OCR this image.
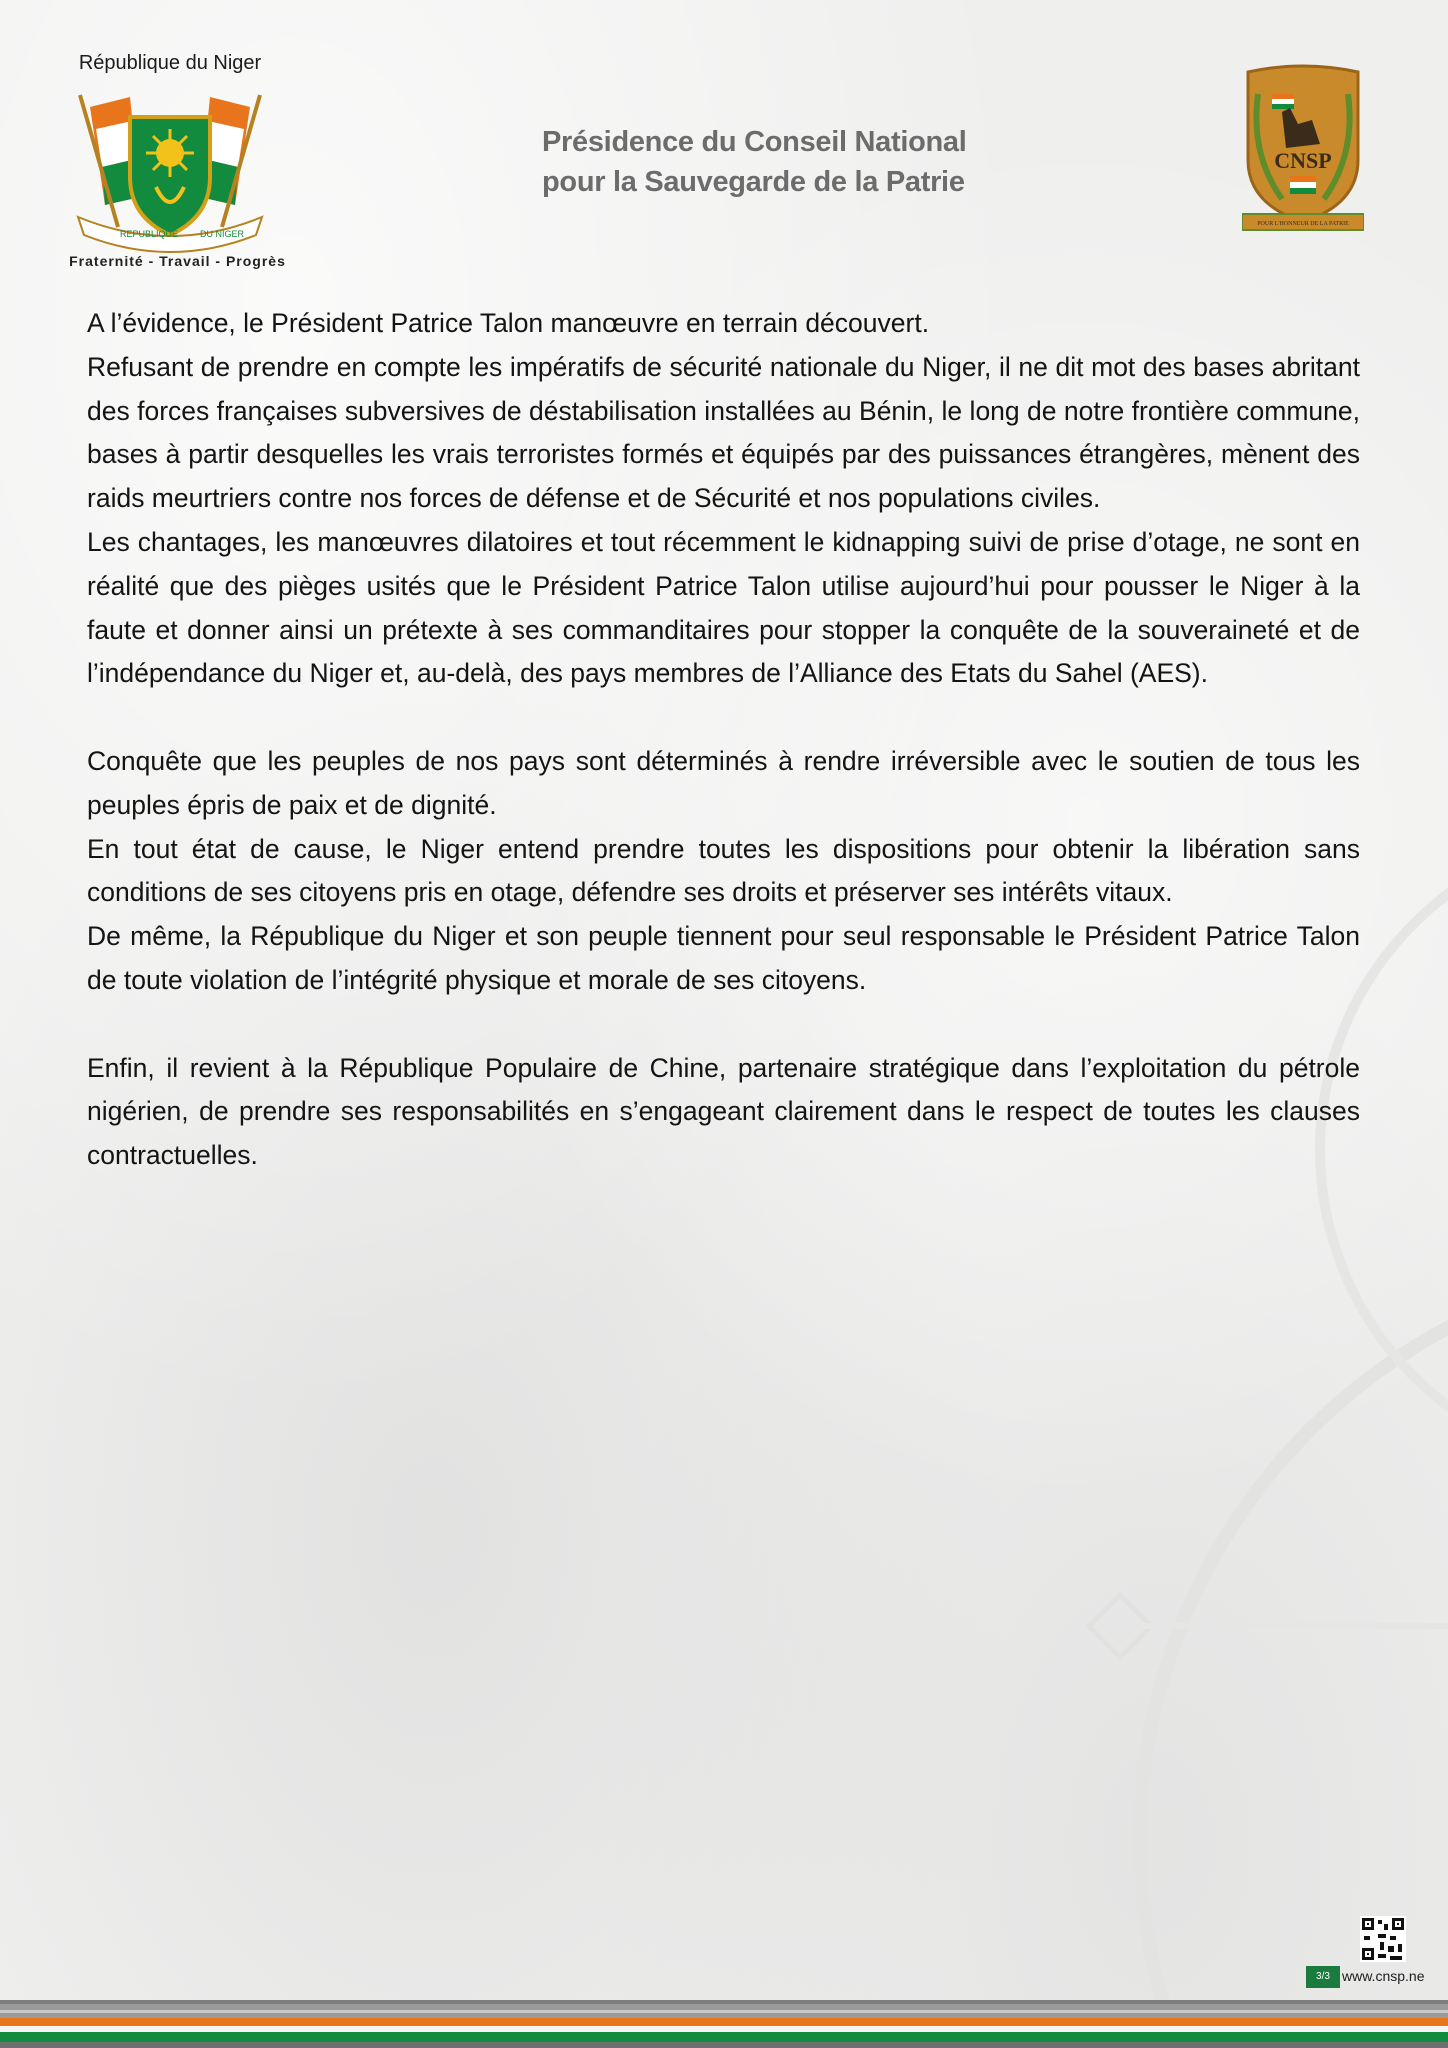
République du Niger
REPUBLIQUE DU NIGER
Fraternité - Travail - Progrès
Présidence du Conseil National
pour la Sauvegarde de la Patrie
CNSP
POUR L'HONNEUR DE LA PATRIE

A l’évidence, le Président Patrice Talon manœuvre en terrain découvert.

Refusant de prendre en compte les impératifs de sécurité nationale du Niger, il ne dit mot des bases abritant des forces françaises subversives de déstabilisation installées au Bénin, le long de notre frontière commune, bases à partir desquelles les vrais terroristes formés et équipés par des puissances étrangères, mènent des raids meurtriers contre nos forces de défense et de Sécurité et nos populations civiles.

Les chantages, les manœuvres dilatoires et tout récemment le kidnapping suivi de prise d’otage, ne sont en réalité que des pièges usités que le Président Patrice Talon utilise aujourd’hui pour pousser le Niger à la faute et donner ainsi un prétexte à ses commanditaires pour stopper la conquête de la souveraineté et de l’indépendance du Niger et, au-delà, des pays membres de l’Alliance des Etats du Sahel (AES).

Conquête que les peuples de nos pays sont déterminés à rendre irréversible avec le soutien de tous les peuples épris de paix et de dignité.

En tout état de cause, le Niger entend prendre toutes les dispositions pour obtenir la libération sans conditions de ses citoyens pris en otage, défendre ses droits et préserver ses intérêts vitaux.

De même, la République du Niger et son peuple tiennent pour seul responsable le Président Patrice Talon de toute violation de l’intégrité physique et morale de ses citoyens.

Enfin, il revient à la République Populaire de Chine, partenaire stratégique dans l’exploitation du pétrole nigérien, de prendre ses responsabilités en s’engageant clairement dans le respect de toutes les clauses contractuelles.

3/3 www.cnsp.ne
